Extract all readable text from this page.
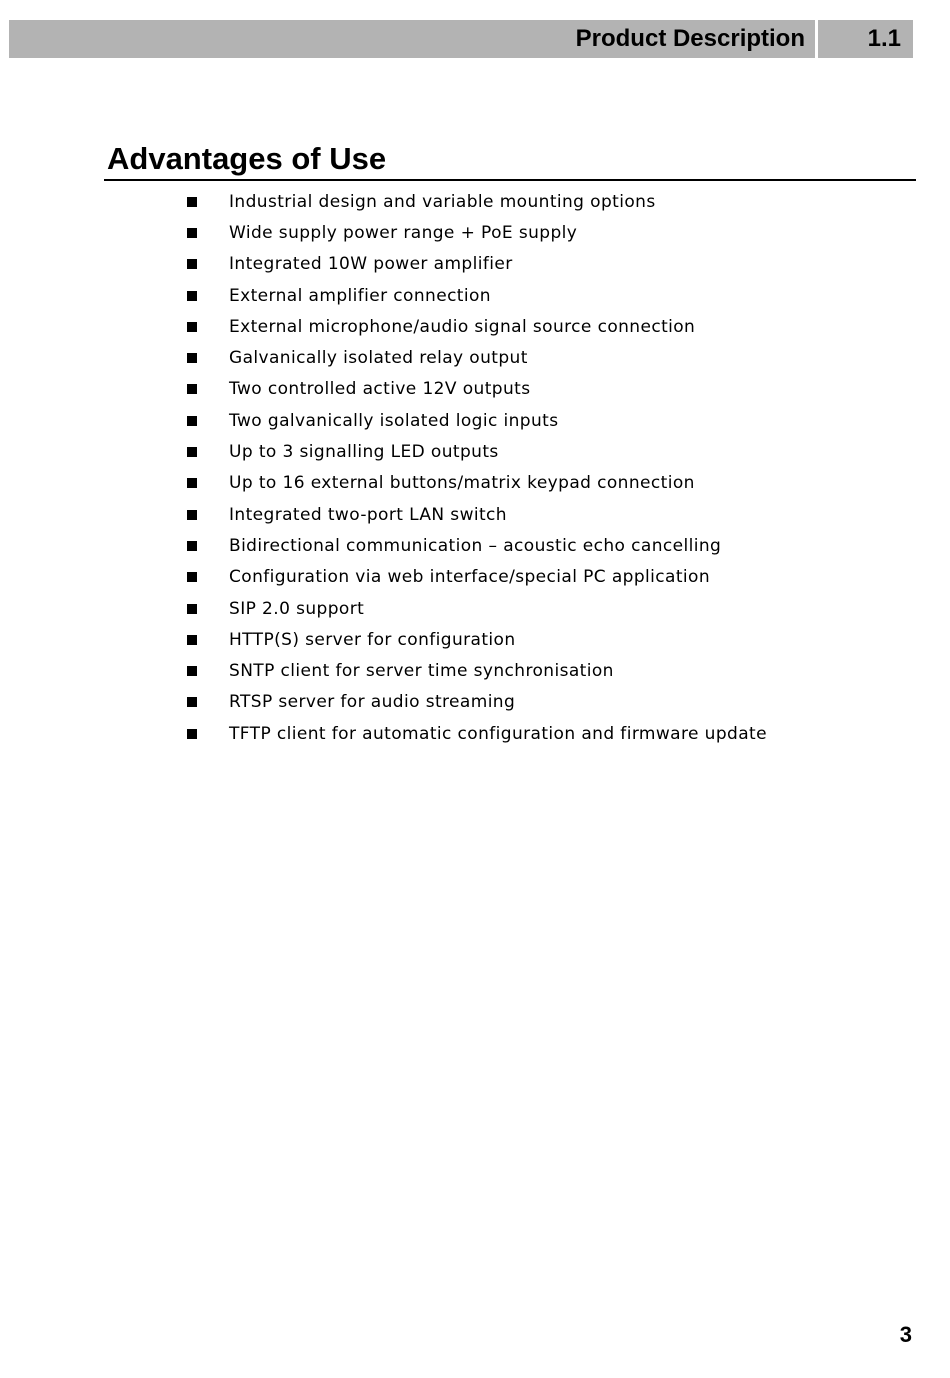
Product Description	1.1
Advantages of Use
Industrial design and variable mounting options
Wide supply power range + PoE supply
Integrated 10W power amplifier
External amplifier connection
External microphone/audio signal source connection
Galvanically isolated relay output
Two controlled active 12V outputs
Two galvanically isolated logic inputs
Up to 3 signalling LED outputs
Up to 16 external buttons/matrix keypad connection
Integrated two-port LAN switch
Bidirectional communication – acoustic echo cancelling
Configuration via web interface/special PC application
SIP 2.0 support
HTTP(S) server for configuration
SNTP client for server time synchronisation
RTSP server for audio streaming
TFTP client for automatic configuration and firmware update
3
